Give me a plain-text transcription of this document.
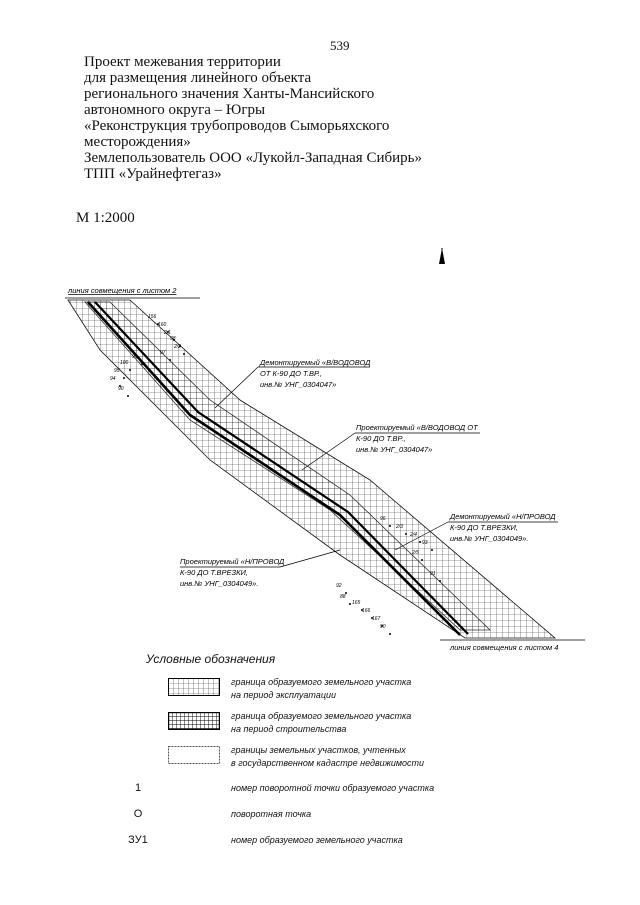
539
Проект межевания территории
для размещения линейного объекта
регионального значения Ханты-Мансийского
автономного округа – Югры
«Реконструкция трубопроводов Сыморьяхского
месторождения»
Землепользователь ООО «Лукойл-Западная Сибирь»
ТПП «Урайнефтегаз»
М 1:2000
линия совмещения с листом 2
линия совмещения с листом 4
Демонтируемый «В/ВОДОВОД
ОТ К-90 ДО Т.ВР.,
инв.№ УНГ_0304047»
Проектируемый «В/ВОДОВОД ОТ
К-90 ДО Т.ВР.,
инв.№ УНГ_0304047»
Демонтируемый «Н/ПРОВОД
К-90 ДО Т.ВРЕЗКИ,
инв.№ УНГ_0304049».
Проектируемый «Н/ПРОВОД
К-90 ДО Т.ВРЕЗКИ,
инв.№ УНГ_0304049».
156
160
2/1
98
2/2
97
99
100
95
94
90
96
2/3
2/4
93
2/5
92
88
165
166
167
90
91
Условные обозначения
граница образуемого земельного участка
на период эксплуатации
граница образуемого земельного участка
на период строительства
границы земельных участков, учтенных
в государственном кадастре недвижимости
1	номер поворотной точки образуемого участка
О	поворотная точка
ЗУ1	номер образуемого земельного участка
